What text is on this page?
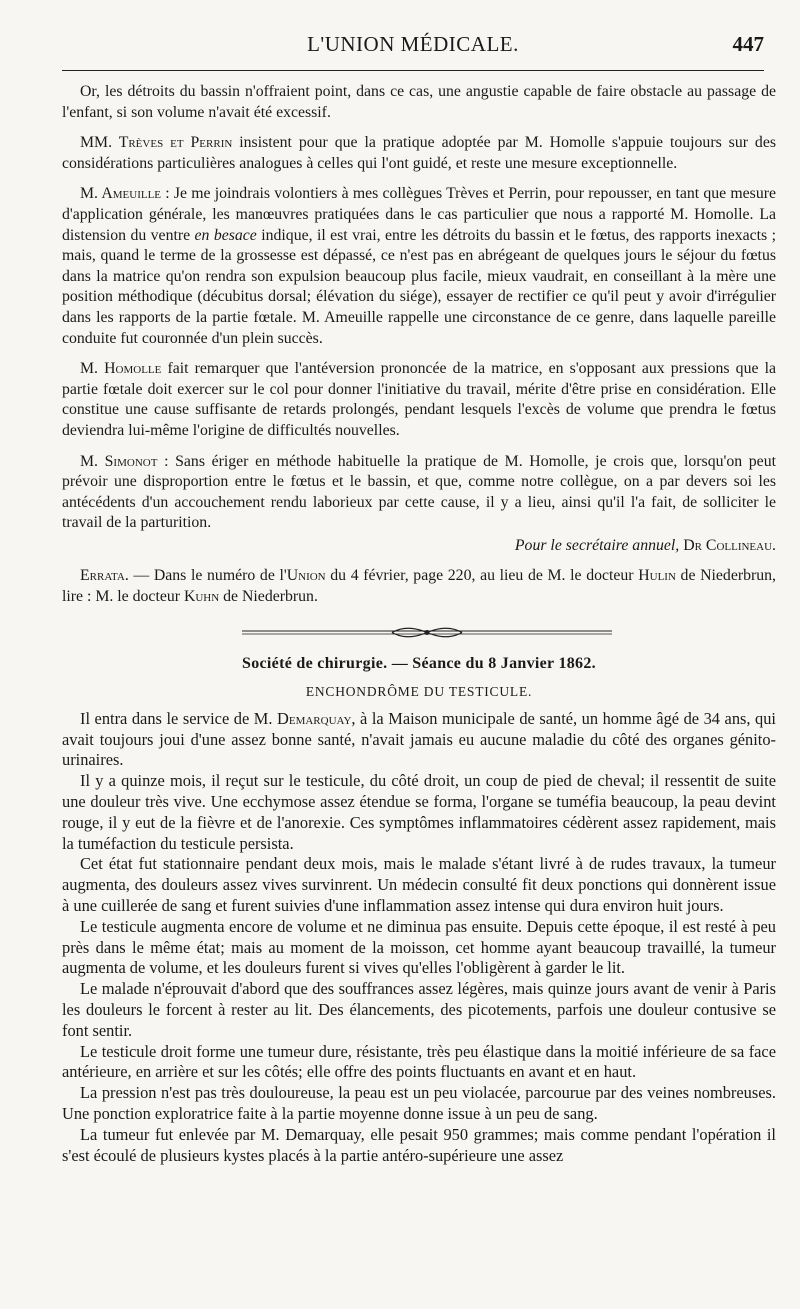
L'UNION MÉDICALE.	447

Or, les détroits du bassin n'offraient point, dans ce cas, une angustie capable de faire obstacle au passage de l'enfant, si son volume n'avait été excessif.

MM. Trèves et Perrin insistent pour que la pratique adoptée par M. Homolle s'appuie toujours sur des considérations particulières analogues à celles qui l'ont guidé, et reste une mesure exceptionnelle.

M. Ameuille : Je me joindrais volontiers à mes collègues Trèves et Perrin, pour repousser, en tant que mesure d'application générale, les manœuvres pratiquées dans le cas particulier que nous a rapporté M. Homolle. La distension du ventre en besace indique, il est vrai, entre les détroits du bassin et le fœtus, des rapports inexacts ; mais, quand le terme de la grossesse est dépassé, ce n'est pas en abrégeant de quelques jours le séjour du fœtus dans la matrice qu'on rendra son expulsion beaucoup plus facile, mieux vaudrait, en conseillant à la mère une position méthodique (décubitus dorsal; élévation du siége), essayer de rectifier ce qu'il peut y avoir d'irrégulier dans les rapports de la partie fœtale. M. Ameuille rappelle une circonstance de ce genre, dans laquelle pareille conduite fut couronnée d'un plein succès.

M. Homolle fait remarquer que l'antéversion prononcée de la matrice, en s'opposant aux pressions que la partie fœtale doit exercer sur le col pour donner l'initiative du travail, mérite d'être prise en considération. Elle constitue une cause suffisante de retards prolongés, pendant lesquels l'excès de volume que prendra le fœtus deviendra lui-même l'origine de difficultés nouvelles.

M. Simonot : Sans ériger en méthode habituelle la pratique de M. Homolle, je crois que, lorsqu'on peut prévoir une disproportion entre le fœtus et le bassin, et que, comme notre collègue, on a par devers soi les antécédents d'un accouchement rendu laborieux par cette cause, il y a lieu, ainsi qu'il l'a fait, de solliciter le travail de la parturition.

Pour le secrétaire annuel, Dr Collineau.

Errata. — Dans le numéro de l'Union du 4 février, page 220, au lieu de M. le docteur Hulin de Niederbrun, lire : M. le docteur Kuhn de Niederbrun.

Société de chirurgie. — Séance du 8 Janvier 1862.

ENCHONDRÔME DU TESTICULE.

Il entra dans le service de M. Demarquay, à la Maison municipale de santé, un homme âgé de 34 ans, qui avait toujours joui d'une assez bonne santé, n'avait jamais eu aucune maladie du côté des organes génito-urinaires.

Il y a quinze mois, il reçut sur le testicule, du côté droit, un coup de pied de cheval; il ressentit de suite une douleur très vive. Une ecchymose assez étendue se forma, l'organe se tuméfia beaucoup, la peau devint rouge, il y eut de la fièvre et de l'anorexie. Ces symptômes inflammatoires cédèrent assez rapidement, mais la tuméfaction du testicule persista.

Cet état fut stationnaire pendant deux mois, mais le malade s'étant livré à de rudes travaux, la tumeur augmenta, des douleurs assez vives survinrent. Un médecin consulté fit deux ponctions qui donnèrent issue à une cuillerée de sang et furent suivies d'une inflammation assez intense qui dura environ huit jours.

Le testicule augmenta encore de volume et ne diminua pas ensuite. Depuis cette époque, il est resté à peu près dans le même état; mais au moment de la moisson, cet homme ayant beaucoup travaillé, la tumeur augmenta de volume, et les douleurs furent si vives qu'elles l'obligèrent à garder le lit.

Le malade n'éprouvait d'abord que des souffrances assez légères, mais quinze jours avant de venir à Paris les douleurs le forcent à rester au lit. Des élancements, des picotements, parfois une douleur contusive se font sentir.

Le testicule droit forme une tumeur dure, résistante, très peu élastique dans la moitié inférieure de sa face antérieure, en arrière et sur les côtés; elle offre des points fluctuants en avant et en haut.

La pression n'est pas très douloureuse, la peau est un peu violacée, parcourue par des veines nombreuses. Une ponction exploratrice faite à la partie moyenne donne issue à un peu de sang.

La tumeur fut enlevée par M. Demarquay, elle pesait 950 grammes; mais comme pendant l'opération il s'est écoulé de plusieurs kystes placés à la partie antéro-supérieure une assez
